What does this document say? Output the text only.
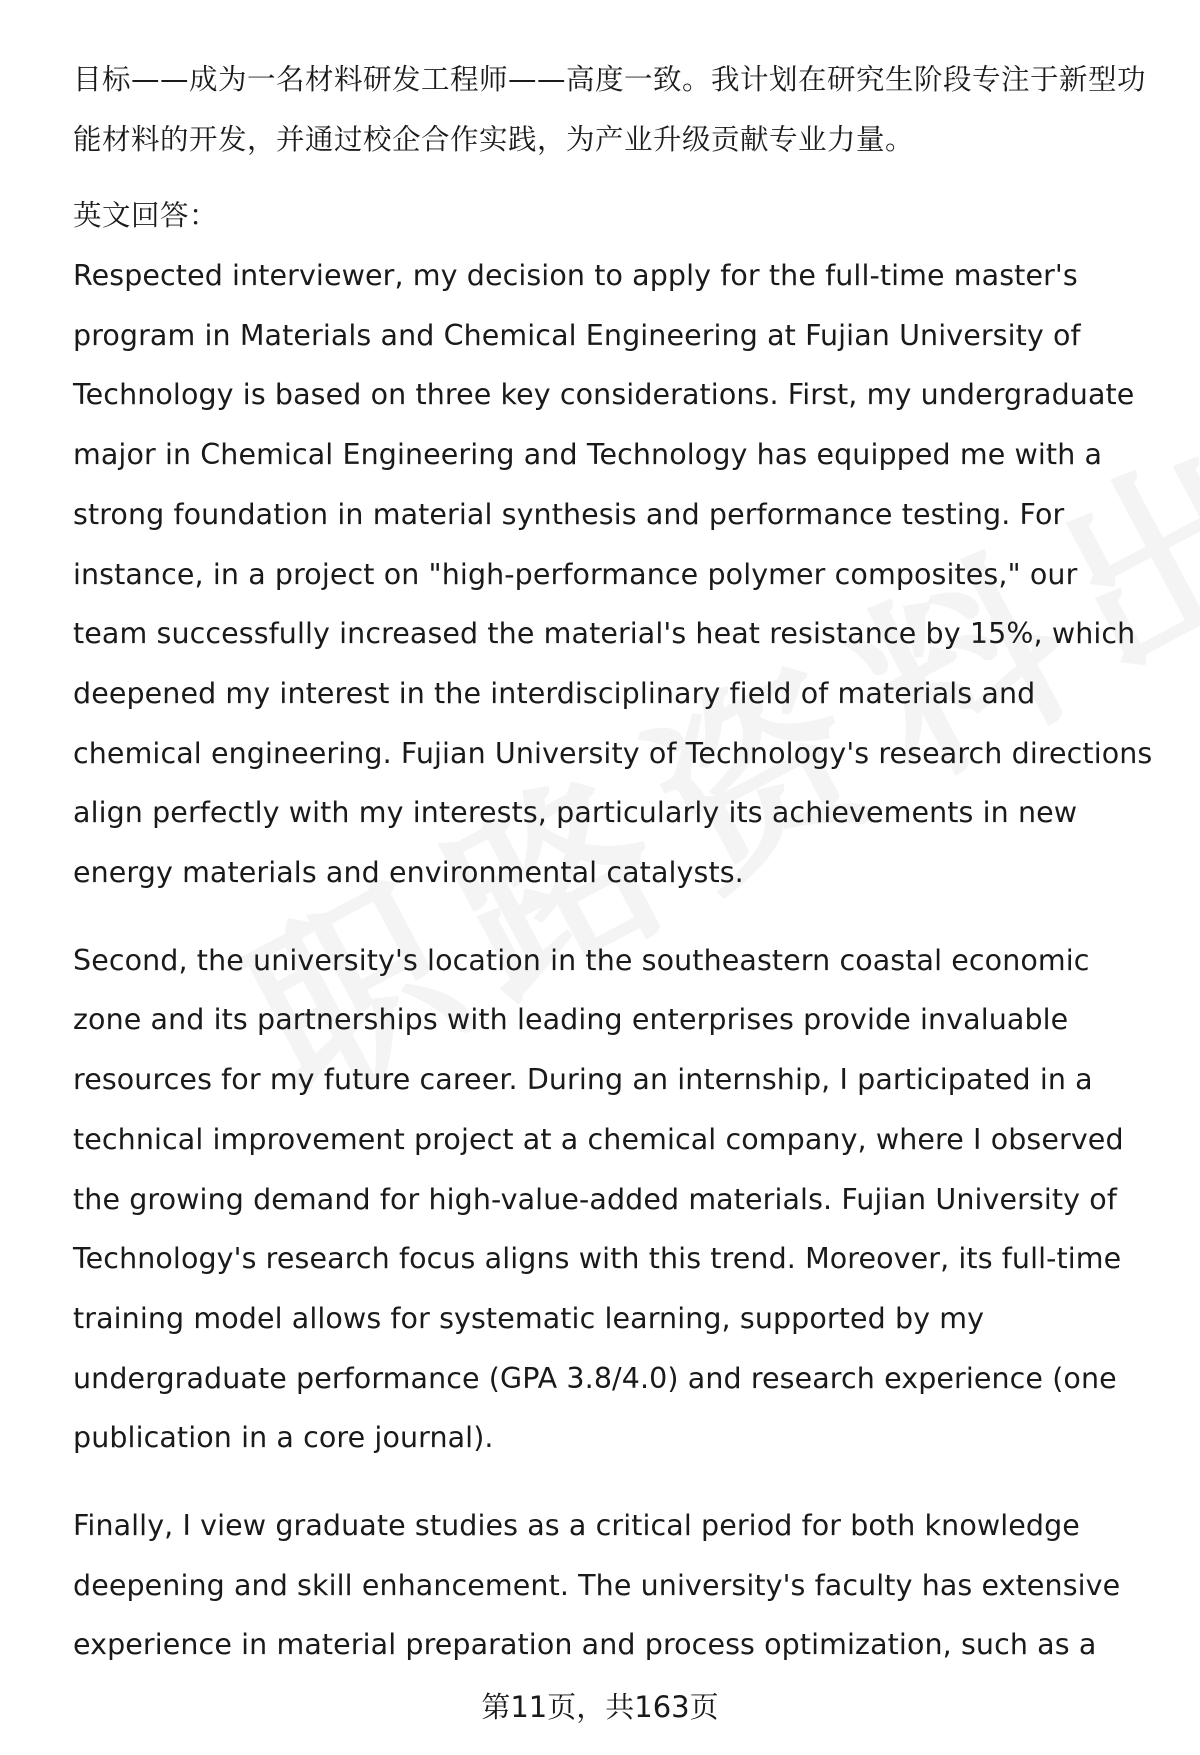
目标——成为一名材料研发工程师——高度一致。我计划在研究生阶段专注于新型功能材料的开发，并通过校企合作实践，为产业升级贡献专业力量。

英文回答：

Respected interviewer, my decision to apply for the full-time master's program in Materials and Chemical Engineering at Fujian University of Technology is based on three key considerations. First, my undergraduate major in Chemical Engineering and Technology has equipped me with a strong foundation in material synthesis and performance testing. For instance, in a project on "high-performance polymer composites," our team successfully increased the material's heat resistance by 15%, which deepened my interest in the interdisciplinary field of materials and chemical engineering. Fujian University of Technology's research directions align perfectly with my interests, particularly its achievements in new energy materials and environmental catalysts.

Second, the university's location in the southeastern coastal economic zone and its partnerships with leading enterprises provide invaluable resources for my future career. During an internship, I participated in a technical improvement project at a chemical company, where I observed the growing demand for high-value-added materials. Fujian University of Technology's research focus aligns with this trend. Moreover, its full-time training model allows for systematic learning, supported by my undergraduate performance (GPA 3.8/4.0) and research experience (one publication in a core journal).

Finally, I view graduate studies as a critical period for both knowledge deepening and skill enhancement. The university's faculty has extensive experience in material preparation and process optimization, such as a

第11页，共163页
